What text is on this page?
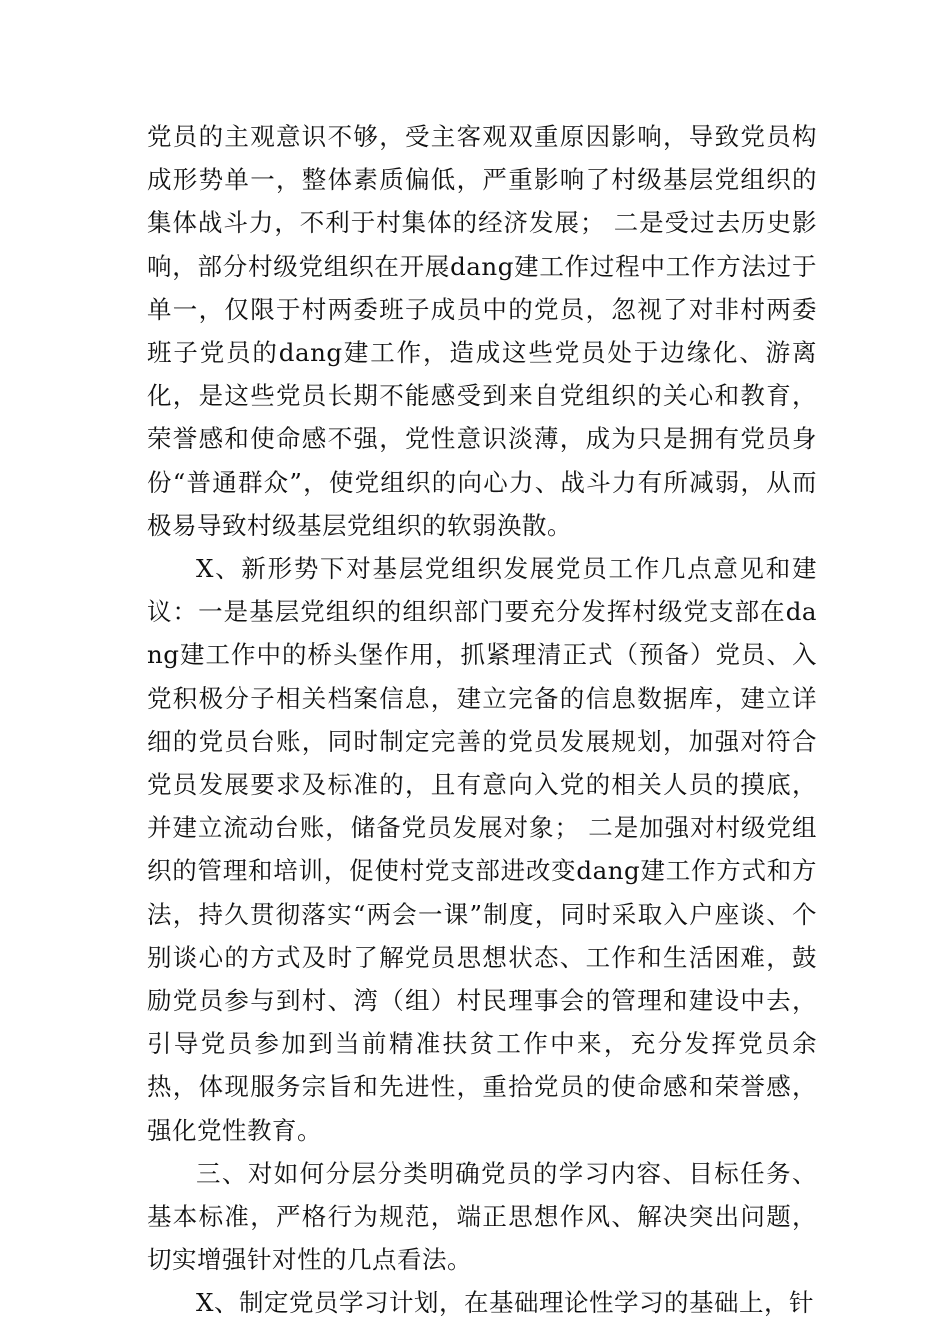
党员的主观意识不够，受主客观双重原因影响，导致党员构成形势单一，整体素质偏低，严重影响了村级基层党组织的集体战斗力，不利于村集体的经济发展； 二是受过去历史影响，部分村级党组织在开展dang建工作过程中工作方法过于单一，仅限于村两委班子成员中的党员，忽视了对非村两委班子党员的dang建工作，造成这些党员处于边缘化、游离化，是这些党员长期不能感受到来自党组织的关心和教育，荣誉感和使命感不强，党性意识淡薄，成为只是拥有党员身份“普通群众”，使党组织的向心力、战斗力有所减弱，从而极易导致村级基层党组织的软弱涣散。

X、新形势下对基层党组织发展党员工作几点意见和建议：一是基层党组织的组织部门要充分发挥村级党支部在dang建工作中的桥头堡作用，抓紧理清正式（预备）党员、入党积极分子相关档案信息，建立完备的信息数据库，建立详细的党员台账，同时制定完善的党员发展规划，加强对符合党员发展要求及标准的，且有意向入党的相关人员的摸底，并建立流动台账，储备党员发展对象； 二是加强对村级党组织的管理和培训，促使村党支部进改变dang建工作方式和方法，持久贯彻落实“两会一课”制度，同时采取入户座谈、个别谈心的方式及时了解党员思想状态、工作和生活困难，鼓励党员参与到村、湾（组）村民理事会的管理和建设中去，引导党员参加到当前精准扶贫工作中来，充分发挥党员余热，体现服务宗旨和先进性，重拾党员的使命感和荣誉感，强化党性教育。

三、对如何分层分类明确党员的学习内容、目标任务、基本标准，严格行为规范，端正思想作风、解决突出问题，切实增强针对性的几点看法。

X、制定党员学习计划，在基础理论性学习的基础上，针
